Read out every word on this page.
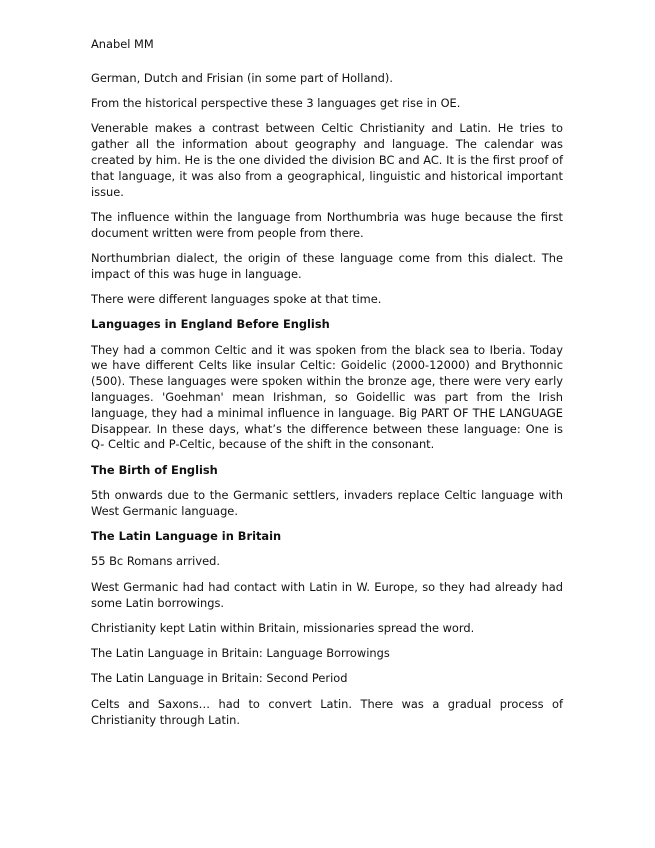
Anabel MM

German, Dutch and Frisian (in some part of Holland).

From the historical perspective these 3 languages get rise in OE.

Venerable makes a contrast between Celtic Christianity and Latin. He tries to gather all the information about geography and language. The calendar was created by him. He is the one divided the division BC and AC. It is the first proof of that language, it was also from a geographical, linguistic and historical important issue.

The influence within the language from Northumbria was huge because the first document written were from people from there.

Northumbrian dialect, the origin of these language come from this dialect. The impact of this was huge in language.

There were different languages spoke at that time.

Languages in England Before English

They had a common Celtic and it was spoken from the black sea to Iberia. Today we have different Celts like insular Celtic: Goidelic (2000-12000) and Brythonnic (500). These languages were spoken within the bronze age, there were very early languages. 'Goehman' mean Irishman, so Goidellic was part from the Irish language, they had a minimal influence in language. Big PART OF THE LANGUAGE Disappear. In these days, what’s the difference between these language: One is Q- Celtic and P-Celtic, because of the shift in the consonant.

The Birth of English

5th onwards due to the Germanic settlers, invaders replace Celtic language with West Germanic language.

The Latin Language in Britain

55 Bc Romans arrived.

West Germanic had had contact with Latin in W. Europe, so they had already had some Latin borrowings.

Christianity kept Latin within Britain, missionaries spread the word.

The Latin Language in Britain: Language Borrowings

The Latin Language in Britain: Second Period

Celts and Saxons… had to convert Latin. There was a gradual process of Christianity through Latin.
